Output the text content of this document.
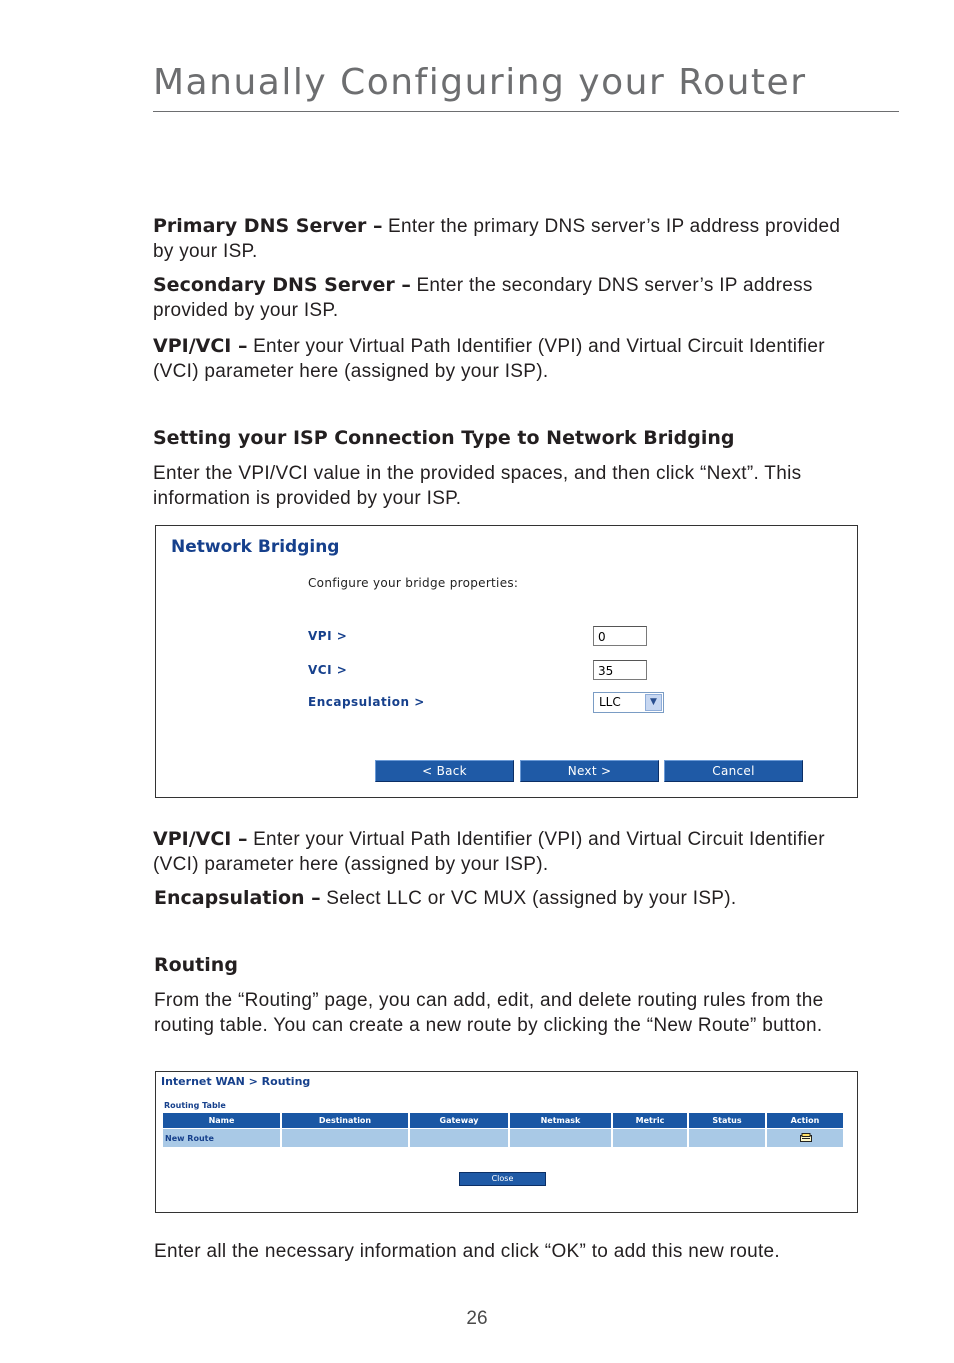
Manually Configuring your Router
Primary DNS Server – Enter the primary DNS server’s IP address provided by your ISP.
Secondary DNS Server – Enter the secondary DNS server’s IP address provided by your ISP.
VPI/VCI – Enter your Virtual Path Identifier (VPI) and Virtual Circuit Identifier (VCI) parameter here (assigned by your ISP).
Setting your ISP Connection Type to Network Bridging
Enter the VPI/VCI value in the provided spaces, and then click “Next”. This information is provided by your ISP.
Network Bridging
Configure your bridge properties:
VPI >	0
VCI >	35
Encapsulation >	LLC	▼
< Back	Next >	Cancel
VPI/VCI – Enter your Virtual Path Identifier (VPI) and Virtual Circuit Identifier (VCI) parameter here (assigned by your ISP).
Encapsulation – Select LLC or VC MUX (assigned by your ISP).
Routing
From the “Routing” page, you can add, edit, and delete routing rules from the routing table. You can create a new route by clicking the “New Route” button.
Internet WAN > Routing
Routing Table
Name	Destination	Gateway	Netmask	Metric	Status	Action
New Route						
Close
Enter all the necessary information and click “OK” to add this new route.
26
